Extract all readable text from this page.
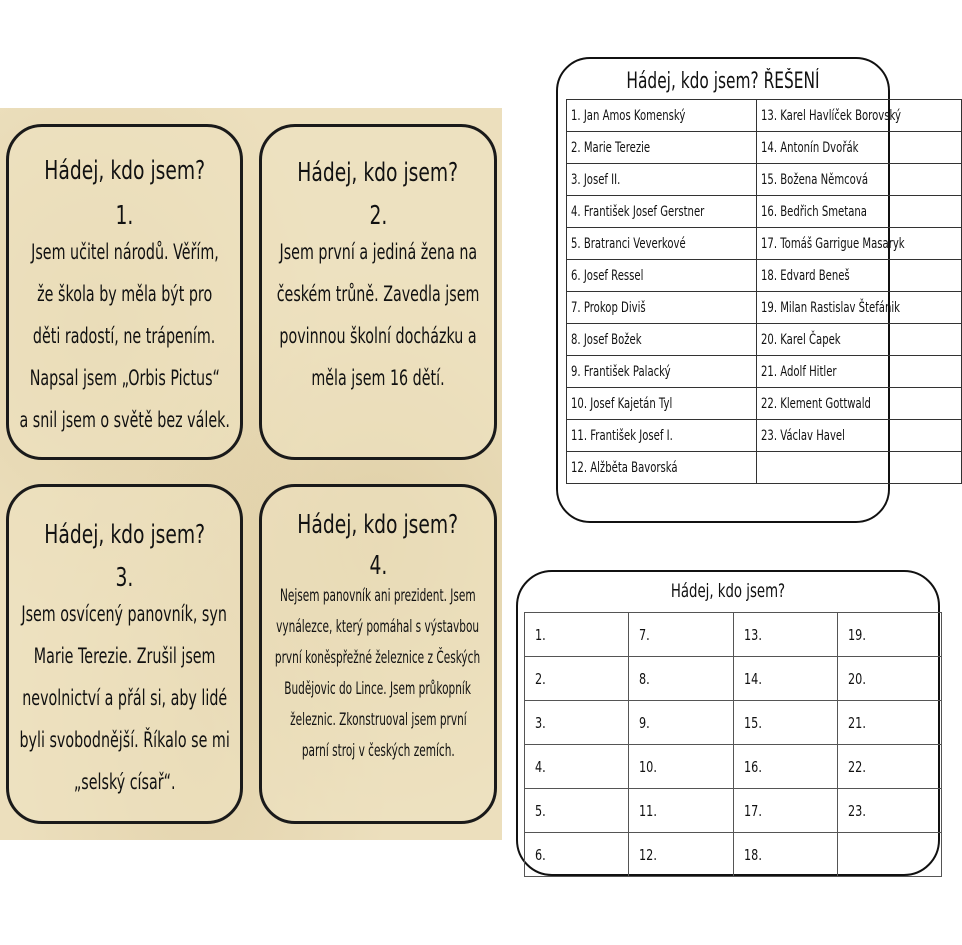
Hádej, kdo jsem?
1.
Jsem učitel národů. Věřím,
že škola by měla být pro
děti radostí, ne trápením.
Napsal jsem „Orbis Pictus“
a snil jsem o světě bez válek.
Hádej, kdo jsem?
2.
Jsem první a jediná žena na
českém trůně. Zavedla jsem
povinnou školní docházku a
měla jsem 16 dětí.
Hádej, kdo jsem?
3.
Jsem osvícený panovník, syn
Marie Terezie. Zrušil jsem
nevolnictví a přál si, aby lidé
byli svobodnější. Říkalo se mi
„selský císař“.
Hádej, kdo jsem?
4.
Nejsem panovník ani prezident. Jsem
vynálezce, který pomáhal s výstavbou
první koněspřežné železnice z Českých
Budějovic do Lince. Jsem průkopník
železnic. Zkonstruoval jsem první
parní stroj v českých zemích.
Hádej, kdo jsem? ŘEŠENÍ
1. Jan Amos Komenský	13. Karel Havlíček Borovský
2. Marie Terezie	14. Antonín Dvořák
3. Josef II.	15. Božena Němcová
4. František Josef Gerstner	16. Bedřich Smetana
5. Bratranci Veverkové	17. Tomáš Garrigue Masaryk
6. Josef Ressel	18. Edvard Beneš
7. Prokop Diviš	19. Milan Rastislav Štefánik
8. Josef Božek	20. Karel Čapek
9. František Palacký	21. Adolf Hitler
10. Josef Kajetán Tyl	22. Klement Gottwald
11. František Josef I.	23. Václav Havel
12. Alžběta Bavorská	
Hádej, kdo jsem?
1.	7.	13.	19.
2.	8.	14.	20.
3.	9.	15.	21.
4.	10.	16.	22.
5.	11.	17.	23.
6.	12.	18.	
